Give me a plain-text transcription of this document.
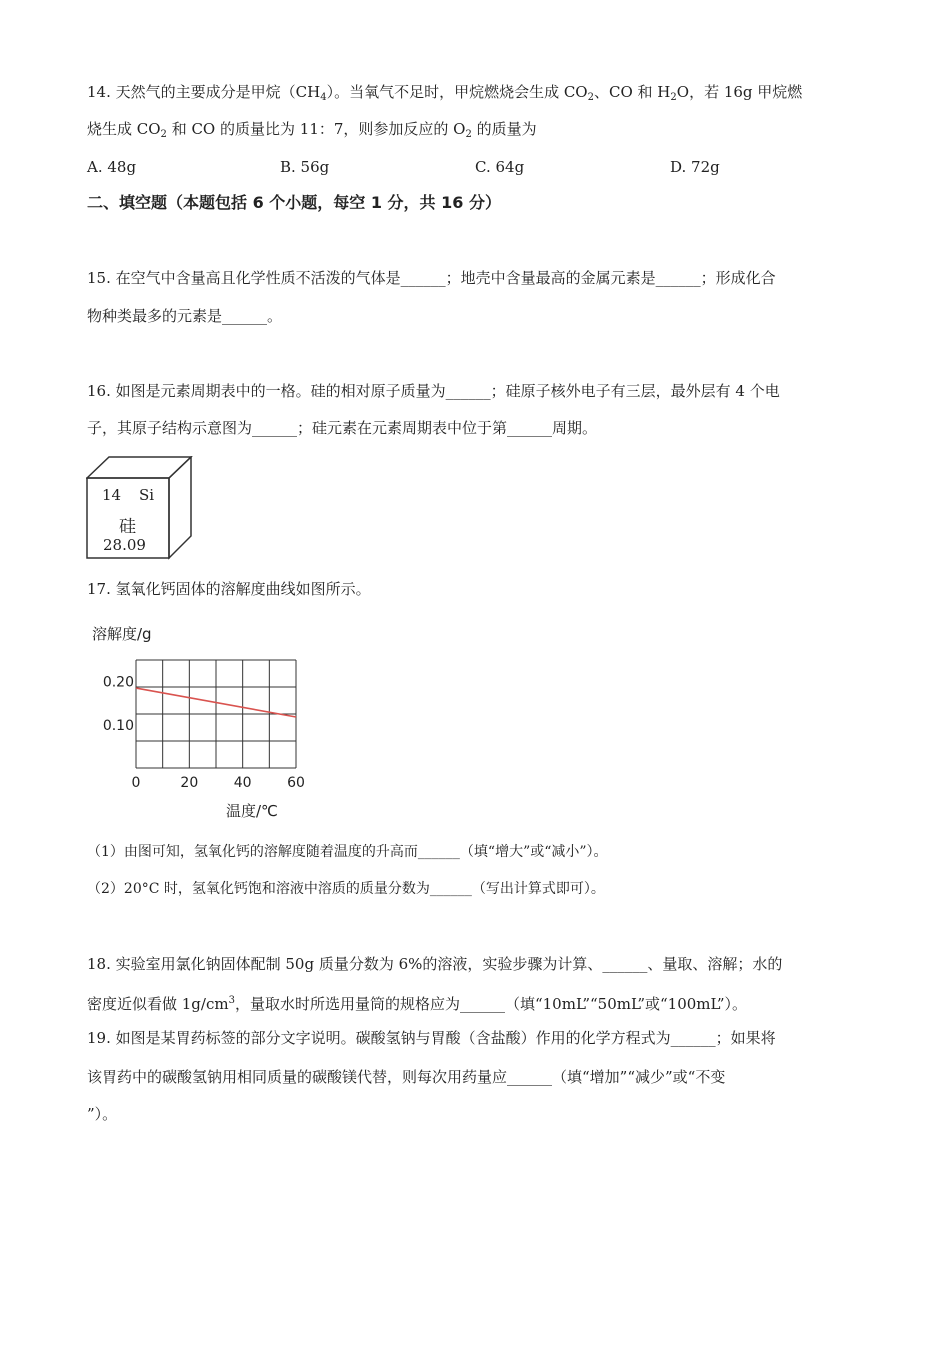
14. 天然气的主要成分是甲烷$(CH_4)$。当氧气不足时，甲烷燃烧会生成 $CO_2$、CO 和 $H_2O$，若 16g 甲烷燃
烧生成 $CO_2$ 和 CO 的质量比为 11：7，则参加反应的 $O_2$ 的质量为
A. 48g	B. 56g	C. 64g	D. 72g
二、填空题（本题包括 6 个小题，每空 1 分，共 16 分）
15. 在空气中含量高且化学性质不活泼的气体是______；地壳中含量最高的金属元素是______；形成化合
物种类最多的元素是______。
16. 如图是元素周期表中的一格。硅的相对原子质量为______；硅原子核外电子有三层，最外层有 4 个电
子，其原子结构示意图为______；硅元素在元素周期表中位于第______周期。
14 Si
硅
28.09
17. 氢氧化钙固体的溶解度曲线如图所示。
溶解度/g
0.10
0.20
0	20	40	60
温度/℃
（1）由图可知，氢氧化钙的溶解度随着温度的升高而______（填“增大”或“减小”）。
（2）20°C 时，氢氧化钙饱和溶液中溶质的质量分数为______（写出计算式即可）。
18. 实验室用氯化钠固体配制 50g 质量分数为 6%的溶液，实验步骤为计算、______、量取、溶解；水的
密度近似看做 $1g/cm^3$，量取水时所选用量筒的规格应为______（填“10mL”“50mL”或“100mL”）。
19. 如图是某胃药标签的部分文字说明。碳酸氢钠与胃酸（含盐酸）作用的化学方程式为______；如果将
该胃药中的碳酸氢钠用相同质量的碳酸镁代替，则每次用药量应______（填“增加”“减少”或“不变
”）。
